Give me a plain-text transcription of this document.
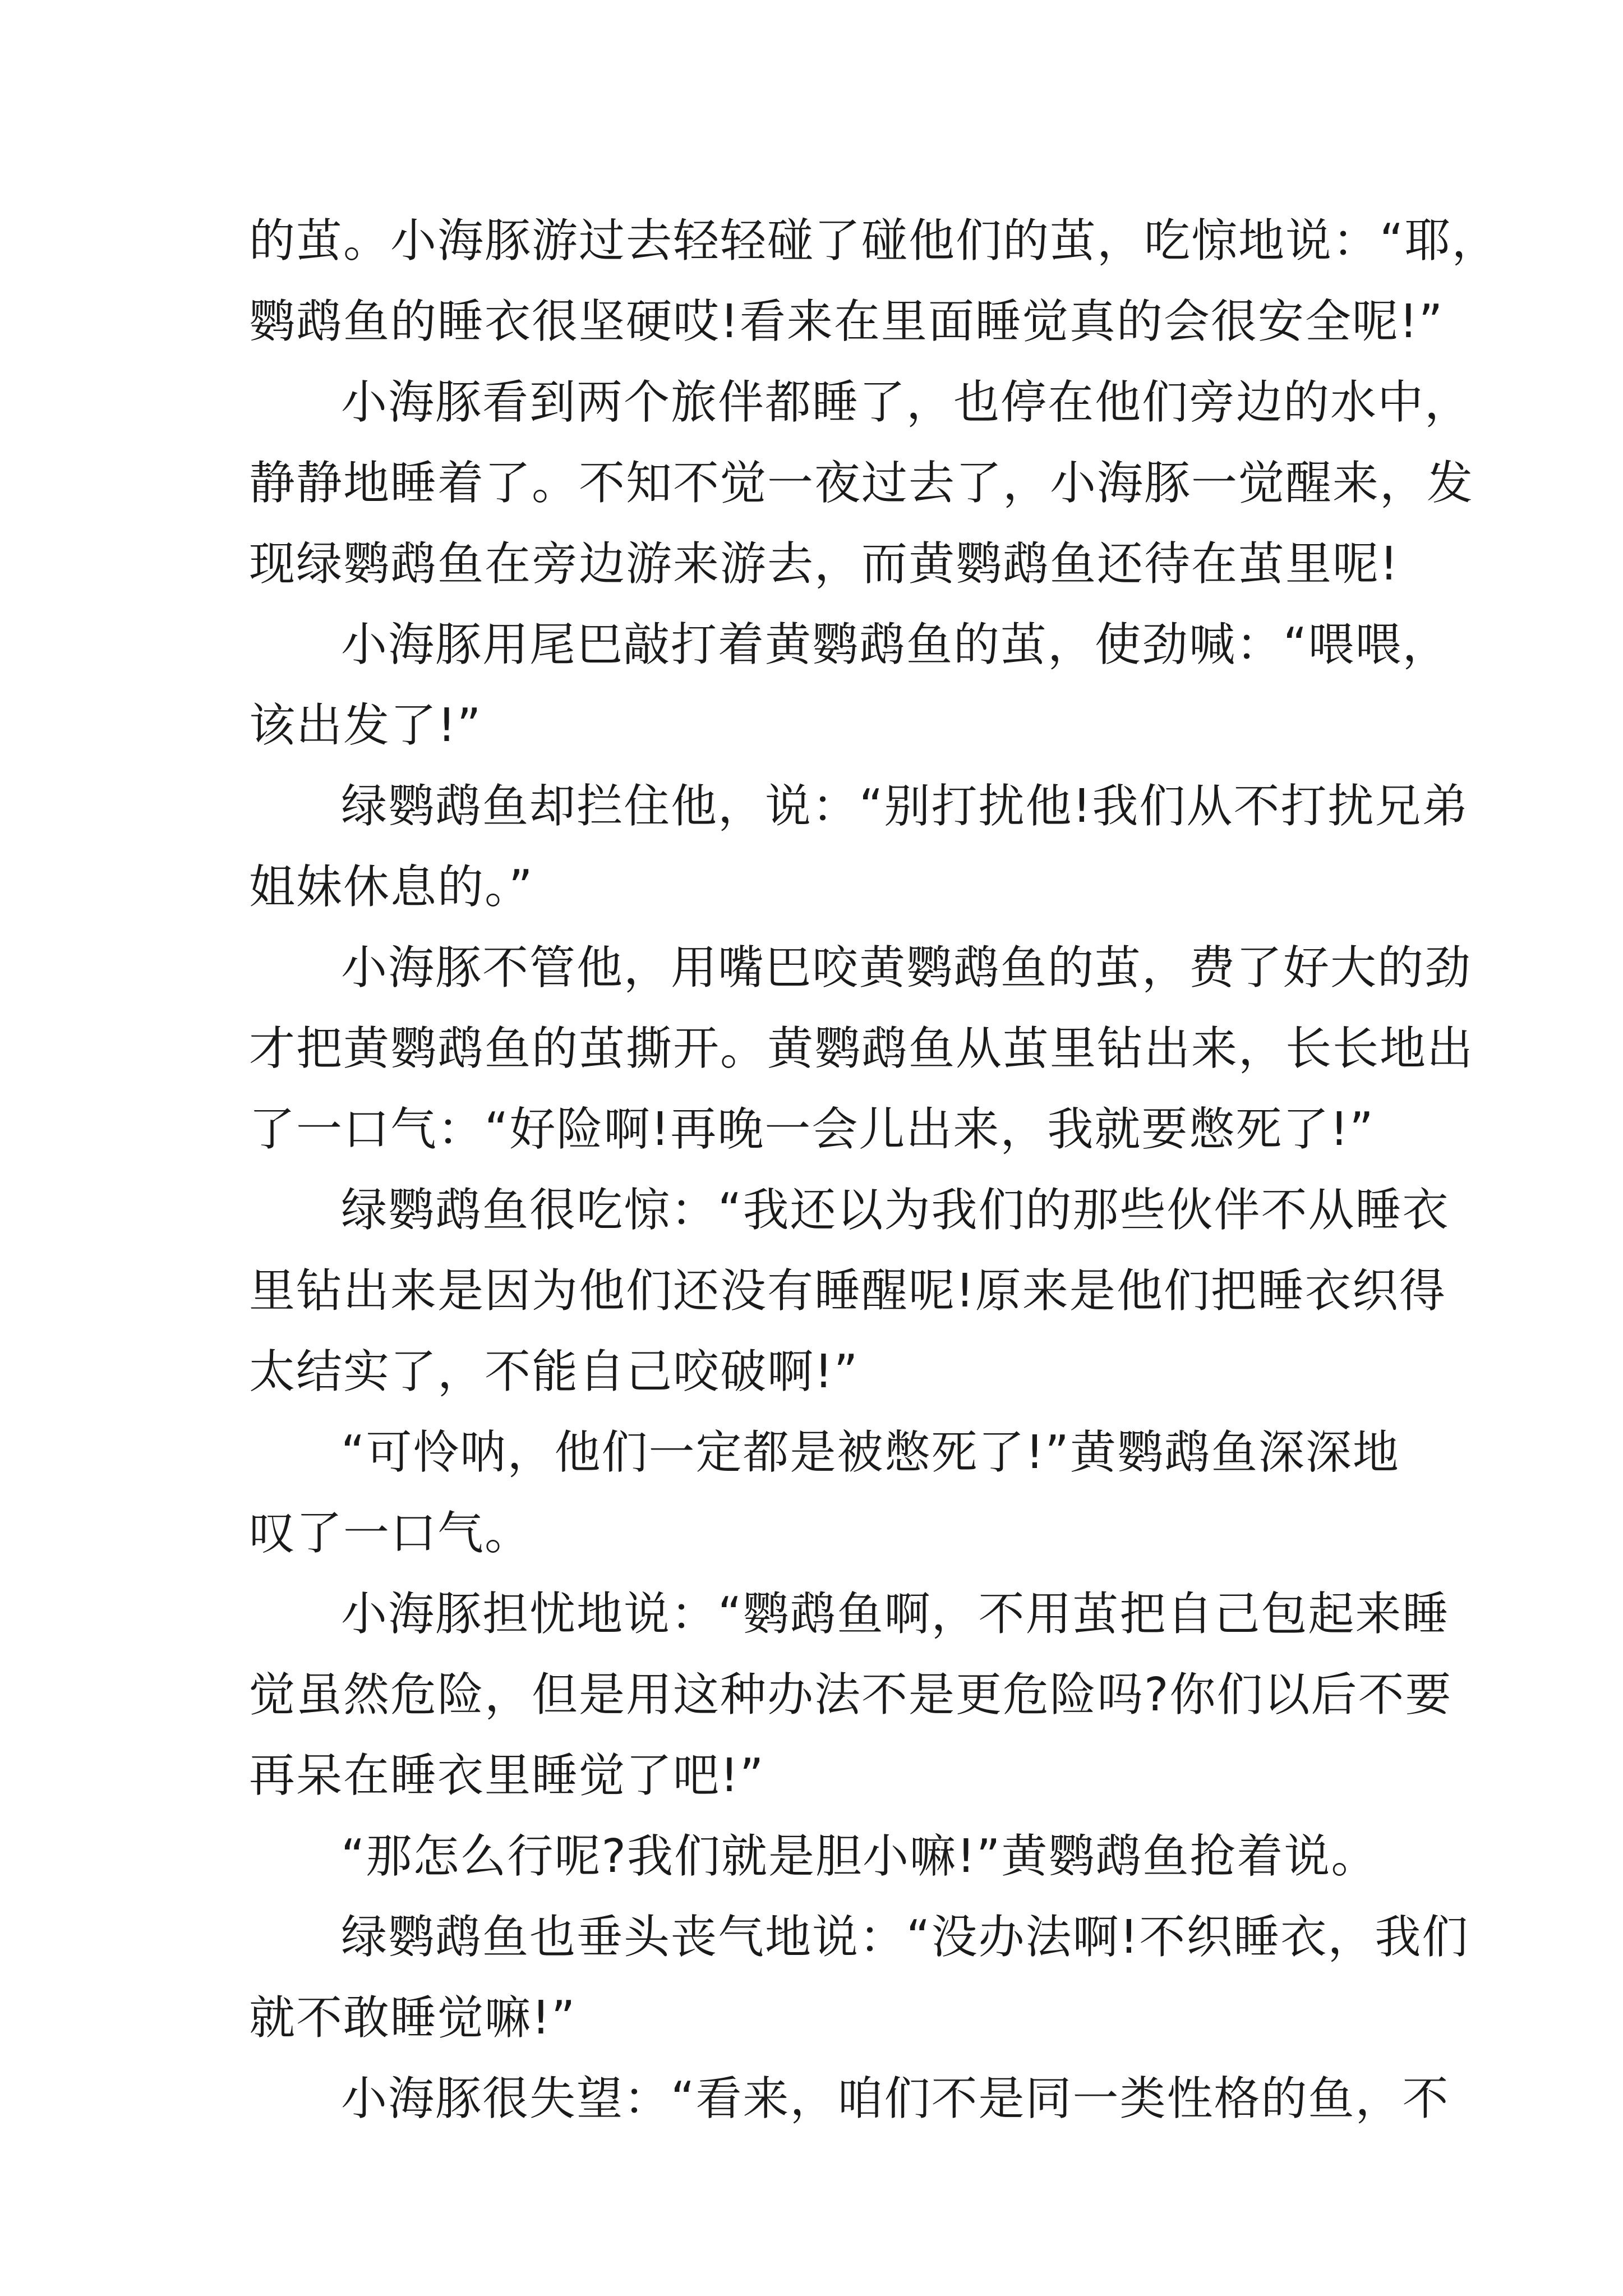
的茧。小海豚游过去轻轻碰了碰他们的茧，吃惊地说：“耶，
鹦鹉鱼的睡衣很坚硬哎!看来在里面睡觉真的会很安全呢!”
小海豚看到两个旅伴都睡了，也停在他们旁边的水中，
静静地睡着了。不知不觉一夜过去了，小海豚一觉醒来，发
现绿鹦鹉鱼在旁边游来游去，而黄鹦鹉鱼还待在茧里呢!
小海豚用尾巴敲打着黄鹦鹉鱼的茧，使劲喊：“喂喂，
该出发了!”
绿鹦鹉鱼却拦住他，说：“别打扰他!我们从不打扰兄弟
姐妹休息的。”
小海豚不管他，用嘴巴咬黄鹦鹉鱼的茧，费了好大的劲
才把黄鹦鹉鱼的茧撕开。黄鹦鹉鱼从茧里钻出来，长长地出
了一口气：“好险啊!再晚一会儿出来，我就要憋死了!”
绿鹦鹉鱼很吃惊：“我还以为我们的那些伙伴不从睡衣
里钻出来是因为他们还没有睡醒呢!原来是他们把睡衣织得
太结实了，不能自己咬破啊!”
“可怜呐，他们一定都是被憋死了!”黄鹦鹉鱼深深地
叹了一口气。
小海豚担忧地说：“鹦鹉鱼啊，不用茧把自己包起来睡
觉虽然危险，但是用这种办法不是更危险吗?你们以后不要
再呆在睡衣里睡觉了吧!”
“那怎么行呢?我们就是胆小嘛!”黄鹦鹉鱼抢着说。
绿鹦鹉鱼也垂头丧气地说：“没办法啊!不织睡衣，我们
就不敢睡觉嘛!”
小海豚很失望：“看来，咱们不是同一类性格的鱼，不
